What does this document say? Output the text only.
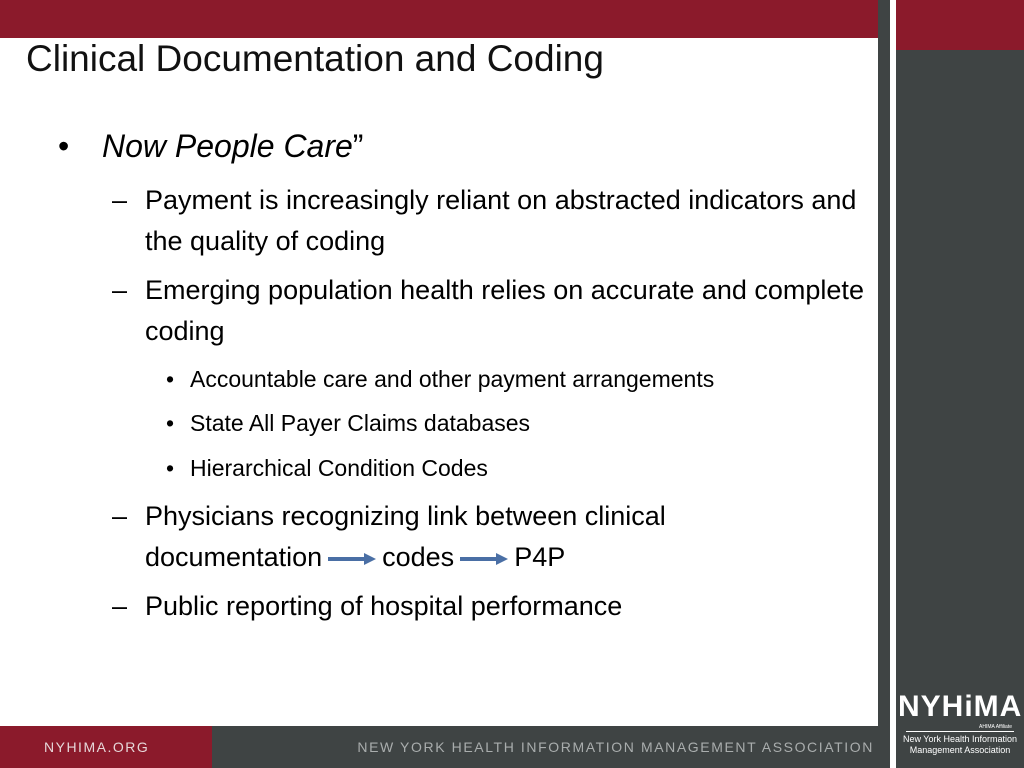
Clinical Documentation and Coding
• Now People Care”
– Payment is increasingly reliant on abstracted indicators and the quality of coding
– Emerging population health relies on accurate and complete coding
• Accountable care and other payment arrangements
• State All Payer Claims databases
• Hierarchical Condition Codes
– Physicians recognizing link between clinical
documentation codes P4P
– Public reporting of hospital performance
NYHiMA
AHIMA Affiliate
New York Health Information
Management Association
NYHIMA.ORG	NEW YORK HEALTH INFORMATION MANAGEMENT ASSOCIATION
